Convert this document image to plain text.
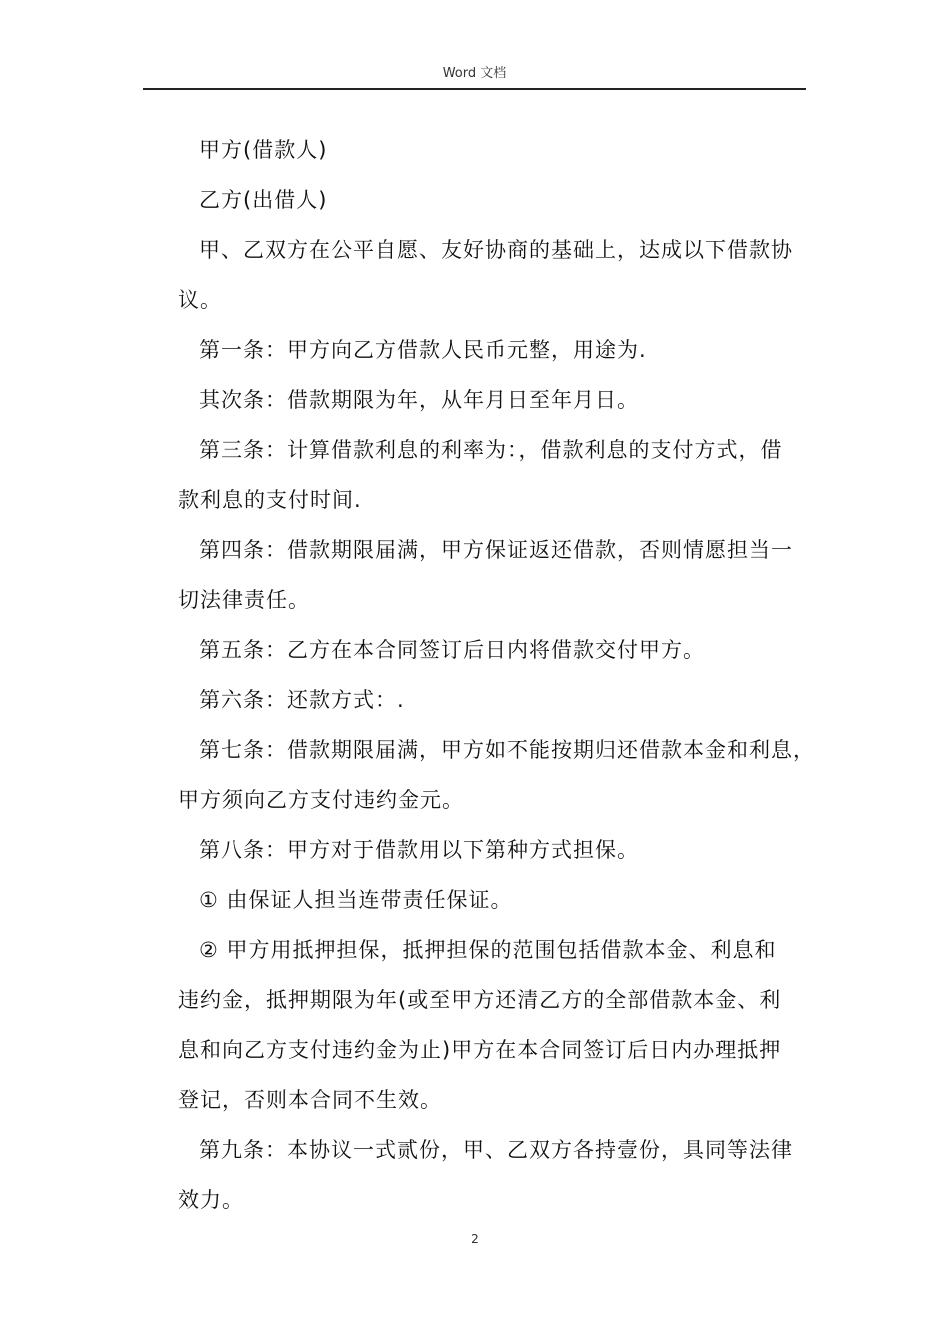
Word 文档

甲方(借款人)

乙方(出借人)

甲、乙双方在公平自愿、友好协商的基础上，达成以下借款协

议。

第一条：甲方向乙方借款人民币元整，用途为.

其次条：借款期限为年，从年月日至年月日。

第三条：计算借款利息的利率为：，借款利息的支付方式，借

款利息的支付时间.

第四条：借款期限届满，甲方保证返还借款，否则情愿担当一

切法律责任。

第五条：乙方在本合同签订后日内将借款交付甲方。

第六条：还款方式：.

第七条：借款期限届满，甲方如不能按期归还借款本金和利息，

甲方须向乙方支付违约金元。

第八条：甲方对于借款用以下第种方式担保。

① 由保证人担当连带责任保证。

② 甲方用抵押担保，抵押担保的范围包括借款本金、利息和

违约金，抵押期限为年(或至甲方还清乙方的全部借款本金、利

息和向乙方支付违约金为止)甲方在本合同签订后日内办理抵押

登记，否则本合同不生效。

第九条：本协议一式贰份，甲、乙双方各持壹份，具同等法律

效力。

2
